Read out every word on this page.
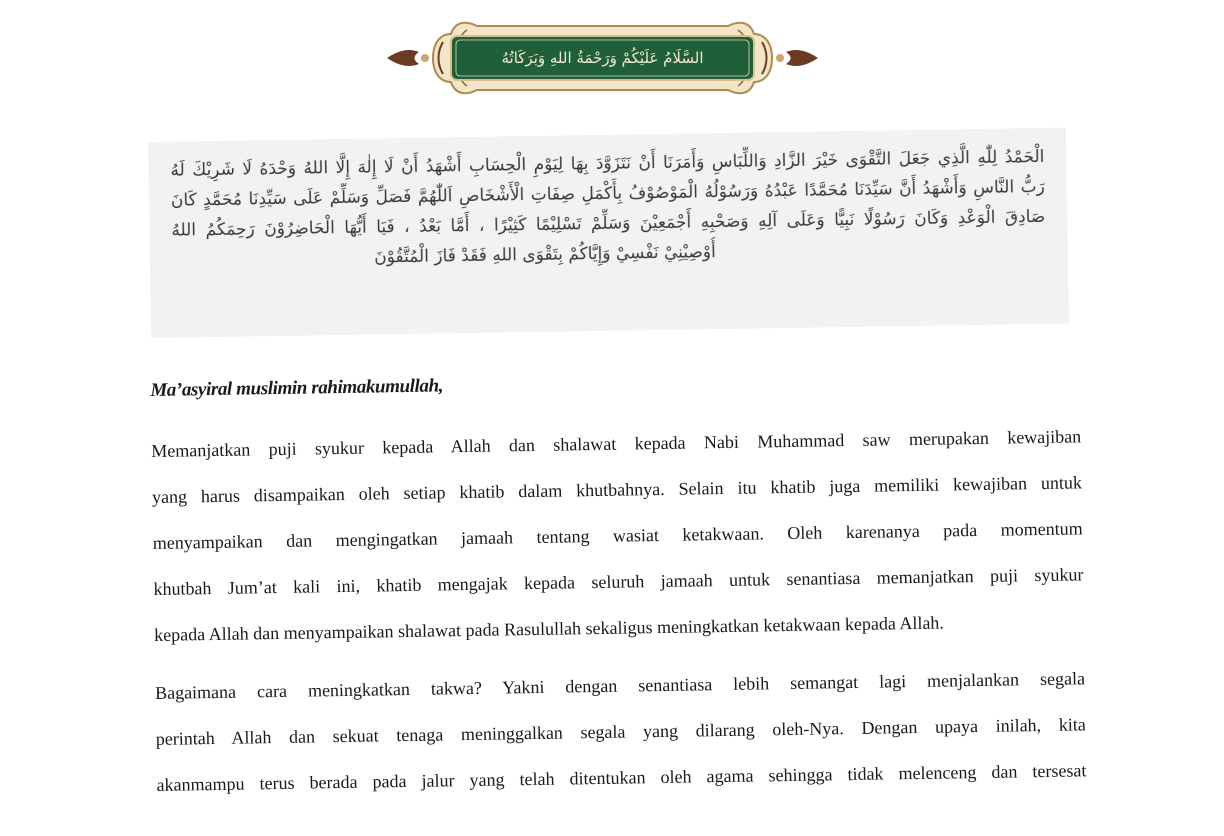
السَّلَامُ عَلَيْكُمْ وَرَحْمَةُ اللهِ وَبَرَكَاتُهُ
الْحَمْدُ لِلّٰهِ الَّذِي جَعَلَ التَّقْوَى خَيْرَ الزَّادِ وَاللِّبَاسِ وَأَمَرَنَا أَنْ نَتَزَوَّدَ بِهَا لِيَوْمِ الْحِسَابِ أَشْهَدُ أَنْ لَا إِلٰهَ إِلَّا اللهُ وَحْدَهُ لَا شَرِيْكَ لَهُ
رَبُّ النَّاسِ وَأَشْهَدُ أَنَّ سَيِّدَنَا مُحَمَّدًا عَبْدُهُ وَرَسُوْلُهُ الْمَوْصُوْفُ بِأَكْمَلِ صِفَاتِ الْأَشْخَاصِ اَللّٰهُمَّ فَصَلِّ وَسَلِّمْ عَلَى سَيِّدِنَا مُحَمَّدٍ كَانَ
صَادِقَ الْوَعْدِ وَكَانَ رَسُوْلًا نَبِيًّا وَعَلَى آلِهِ وَصَحْبِهِ أَجْمَعِيْنَ وَسَلِّمْ تَسْلِيْمًا كَثِيْرًا ، أَمَّا بَعْدُ ، فَيَا أَيُّهَا الْحَاضِرُوْنَ رَحِمَكُمُ اللهُ
أُوْصِيْنِيْ نَفْسِيْ وَإِيَّاكُمْ بِتَقْوَى اللهِ فَقَدْ فَازَ الْمُتَّقُوْنَ
Ma’asyiral muslimin rahimakumullah,
Memanjatkan puji syukur kepada Allah dan shalawat kepada Nabi Muhammad saw merupakan kewajiban
yang harus disampaikan oleh setiap khatib dalam khutbahnya. Selain itu khatib juga memiliki kewajiban untuk
menyampaikan dan mengingatkan jamaah tentang wasiat ketakwaan. Oleh karenanya pada momentum
khutbah Jum’at kali ini, khatib mengajak kepada seluruh jamaah untuk senantiasa memanjatkan puji syukur
kepada Allah dan menyampaikan shalawat pada Rasulullah sekaligus meningkatkan ketakwaan kepada Allah.
Bagaimana cara meningkatkan takwa? Yakni dengan senantiasa lebih semangat lagi menjalankan segala
perintah Allah dan sekuat tenaga meninggalkan segala yang dilarang oleh-Nya. Dengan upaya inilah, kita
akanmampu terus berada pada jalur yang telah ditentukan oleh agama sehingga tidak melenceng dan tersesat
